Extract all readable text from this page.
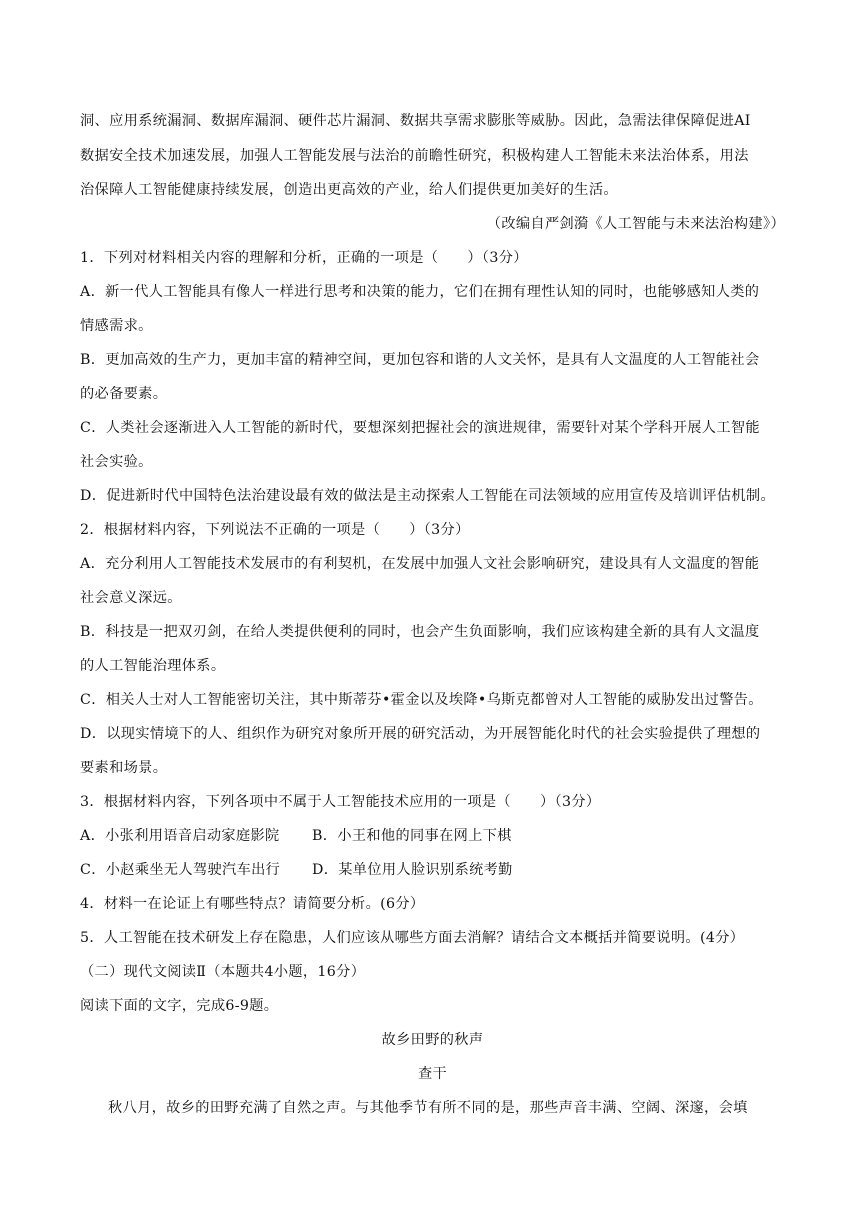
洞、应用系统漏洞、数据库漏洞、硬件芯片漏洞、数据共享需求膨胀等威胁。因此，急需法律保障促进AI
数据安全技术加速发展，加强人工智能发展与法治的前瞻性研究，积极构建人工智能未来法治体系，用法
治保障人工智能健康持续发展，创造出更高效的产业，给人们提供更加美好的生活。
（改编自严剑漪《人工智能与未来法治构建》）
1．下列对材料相关内容的理解和分析，正确的一项是（　　）（3分）
A．新一代人工智能具有像人一样进行思考和决策的能力，它们在拥有理性认知的同时，也能够感知人类的
情感需求。
B．更加高效的生产力，更加丰富的精神空间，更加包容和谐的人文关怀，是具有人文温度的人工智能社会
的必备要素。
C．人类社会逐渐进入人工智能的新时代，要想深刻把握社会的演进规律，需要针对某个学科开展人工智能
社会实验。
D．促进新时代中国特色法治建设最有效的做法是主动探索人工智能在司法领域的应用宣传及培训评估机制。
2．根据材料内容，下列说法不正确的一项是（　　）（3分）
A．充分利用人工智能技术发展巿的有利契机，在发展中加强人文社会影响研究，建设具有人文温度的智能
社会意义深远。
B．科技是一把双刃剑，在给人类提供便利的同时，也会产生负面影响，我们应该构建全新的具有人文温度
的人工智能治理体系。
C．相关人士对人工智能密切关注，其中斯蒂芬•霍金以及埃降•乌斯克都曾对人工智能的威胁发出过警告。
D．以现实情境下的人、组织作为研究对象所开展的研究活动，为开展智能化时代的社会实验提供了理想的
要素和场景。
3．根据材料内容，下列各项中不属于人工智能技术应用的一项是（　　）（3分）
A．小张利用语音启动家庭影院 B．小王和他的同事在网上下棋
C．小赵乘坐无人驾驶汽车出行 D．某单位用人脸识别系统考勤
4．材料一在论证上有哪些特点？请简要分析。(6分）
5．人工智能在技术研发上存在隐患，人们应该从哪些方面去消解？请结合文本概括并简要说明。(4分）
（二）现代文阅读Ⅱ（本题共4小题，16分）
阅读下面的文字，完成6-9题。
故乡田野的秋声
查干
秋八月，故乡的田野充满了自然之声。与其他季节有所不同的是，那些声音丰满、空阔、深邃，会填
